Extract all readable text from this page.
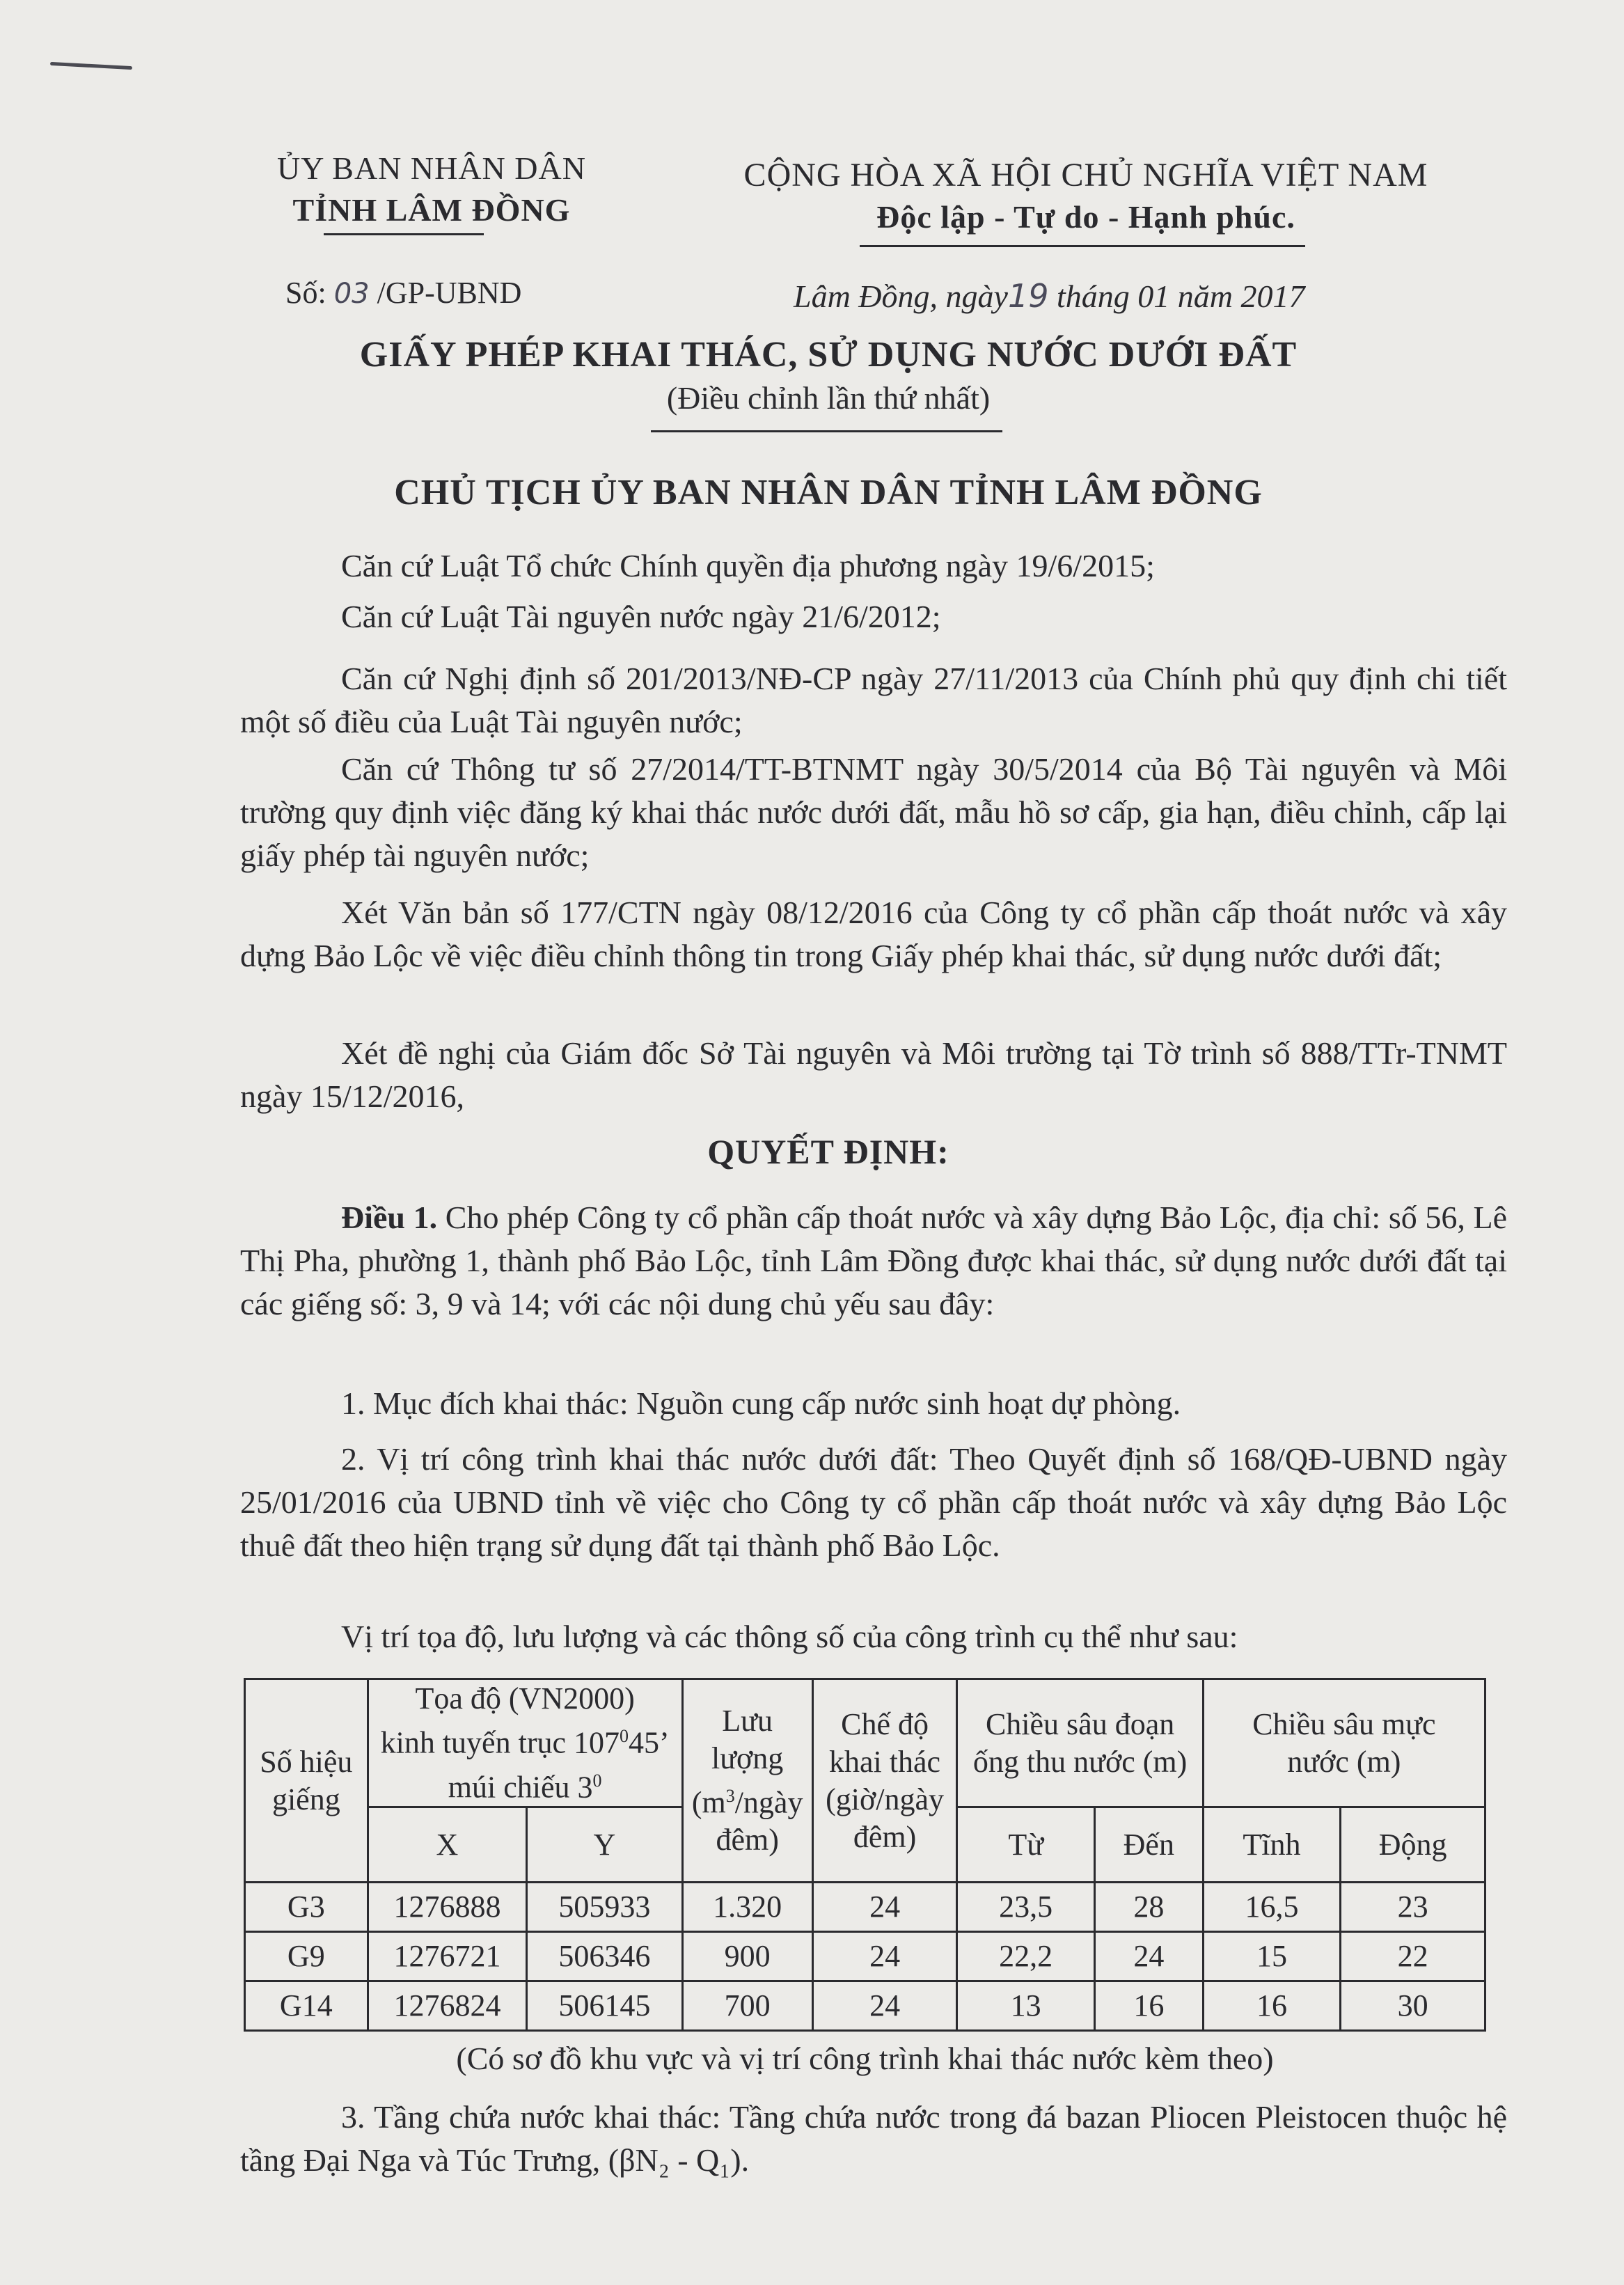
ỦY BAN NHÂN DÂN
TỈNH LÂM ĐỒNG
CỘNG HÒA XÃ HỘI CHỦ NGHĨA VIỆT NAM
Độc lập - Tự do - Hạnh phúc.
Số: 03 /GP-UBND	Lâm Đồng, ngày19 tháng 01 năm 2017
GIẤY PHÉP KHAI THÁC, SỬ DỤNG NƯỚC DƯỚI ĐẤT
(Điều chỉnh lần thứ nhất)
CHỦ TỊCH ỦY BAN NHÂN DÂN TỈNH LÂM ĐỒNG
Căn cứ Luật Tổ chức Chính quyền địa phương ngày 19/6/2015;
Căn cứ Luật Tài nguyên nước ngày 21/6/2012;
Căn cứ Nghị định số 201/2013/NĐ-CP ngày 27/11/2013 của Chính phủ quy định chi tiết một số điều của Luật Tài nguyên nước;
Căn cứ Thông tư số 27/2014/TT-BTNMT ngày 30/5/2014 của Bộ Tài nguyên và Môi trường quy định việc đăng ký khai thác nước dưới đất, mẫu hồ sơ cấp, gia hạn, điều chỉnh, cấp lại giấy phép tài nguyên nước;
Xét Văn bản số 177/CTN ngày 08/12/2016 của Công ty cổ phần cấp thoát nước và xây dựng Bảo Lộc về việc điều chỉnh thông tin trong Giấy phép khai thác, sử dụng nước dưới đất;
Xét đề nghị của Giám đốc Sở Tài nguyên và Môi trường tại Tờ trình số 888/TTr-TNMT ngày 15/12/2016,
QUYẾT ĐỊNH:
Điều 1. Cho phép Công ty cổ phần cấp thoát nước và xây dựng Bảo Lộc, địa chỉ: số 56, Lê Thị Pha, phường 1, thành phố Bảo Lộc, tỉnh Lâm Đồng được khai thác, sử dụng nước dưới đất tại các giếng số: 3, 9 và 14; với các nội dung chủ yếu sau đây:
1. Mục đích khai thác: Nguồn cung cấp nước sinh hoạt dự phòng.
2. Vị trí công trình khai thác nước dưới đất: Theo Quyết định số 168/QĐ-UBND ngày 25/01/2016 của UBND tỉnh về việc cho Công ty cổ phần cấp thoát nước và xây dựng Bảo Lộc thuê đất theo hiện trạng sử dụng đất tại thành phố Bảo Lộc.
Vị trí tọa độ, lưu lượng và các thông số của công trình cụ thể như sau:
Số hiệu
giếng	Tọa độ (VN2000)
kinh tuyến trục $107^045$’
múi chiếu $3^0$		Lưu
lượng
($m^3$/ngày
đêm)	Chế độ
khai thác
(giờ/ngày
đêm)	Chiều sâu đoạn
ống thu nước (m)		Chiều sâu mực
nước (m)	
	X	Y			Từ	Đến	Tĩnh	Động
G3	1276888	505933	1.320	24	23,5	28	16,5	23
G9	1276721	506346	900	24	22,2	24	15	22
G14	1276824	506145	700	24	13	16	16	30
(Có sơ đồ khu vực và vị trí công trình khai thác nước kèm theo)
3. Tầng chứa nước khai thác: Tầng chứa nước trong đá bazan Pliocen Pleistocen thuộc hệ tầng Đại Nga và Túc Trưng, (βN₂ - Q₁).
